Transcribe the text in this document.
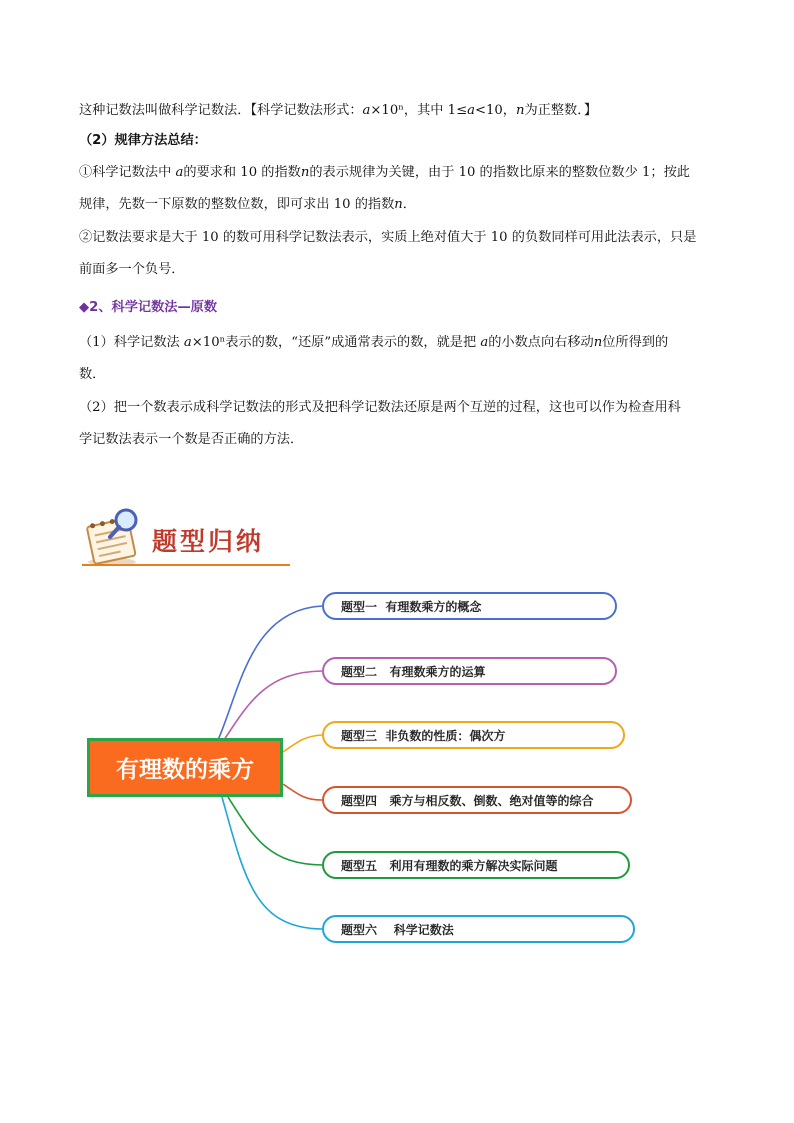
这种记数法叫做科学记数法．【科学记数法形式：𝑎×10ⁿ，其中 1≤𝑎<10，𝑛为正整数．】
（2）规律方法总结：
①科学记数法中 𝑎的要求和 10 的指数𝑛的表示规律为关键，由于 10 的指数比原来的整数位数少 1；按此
规律，先数一下原数的整数位数，即可求出 10 的指数𝑛．
②记数法要求是大于 10 的数可用科学记数法表示，实质上绝对值大于 10 的负数同样可用此法表示，只是
前面多一个负号．
◆2、科学记数法—原数
（1）科学记数法 𝑎×10ⁿ表示的数，“还原”成通常表示的数，就是把 𝑎的小数点向右移动𝑛位所得到的
数．
（2）把一个数表示成科学记数法的形式及把科学记数法还原是两个互逆的过程，这也可以作为检查用科
学记数法表示一个数是否正确的方法．
题型归纳
有理数的乘方
题型一  有理数乘方的概念
题型二   有理数乘方的运算
题型三  非负数的性质：偶次方
题型四   乘方与相反数、倒数、绝对值等的综合
题型五   利用有理数的乘方解决实际问题
题型六    科学记数法
